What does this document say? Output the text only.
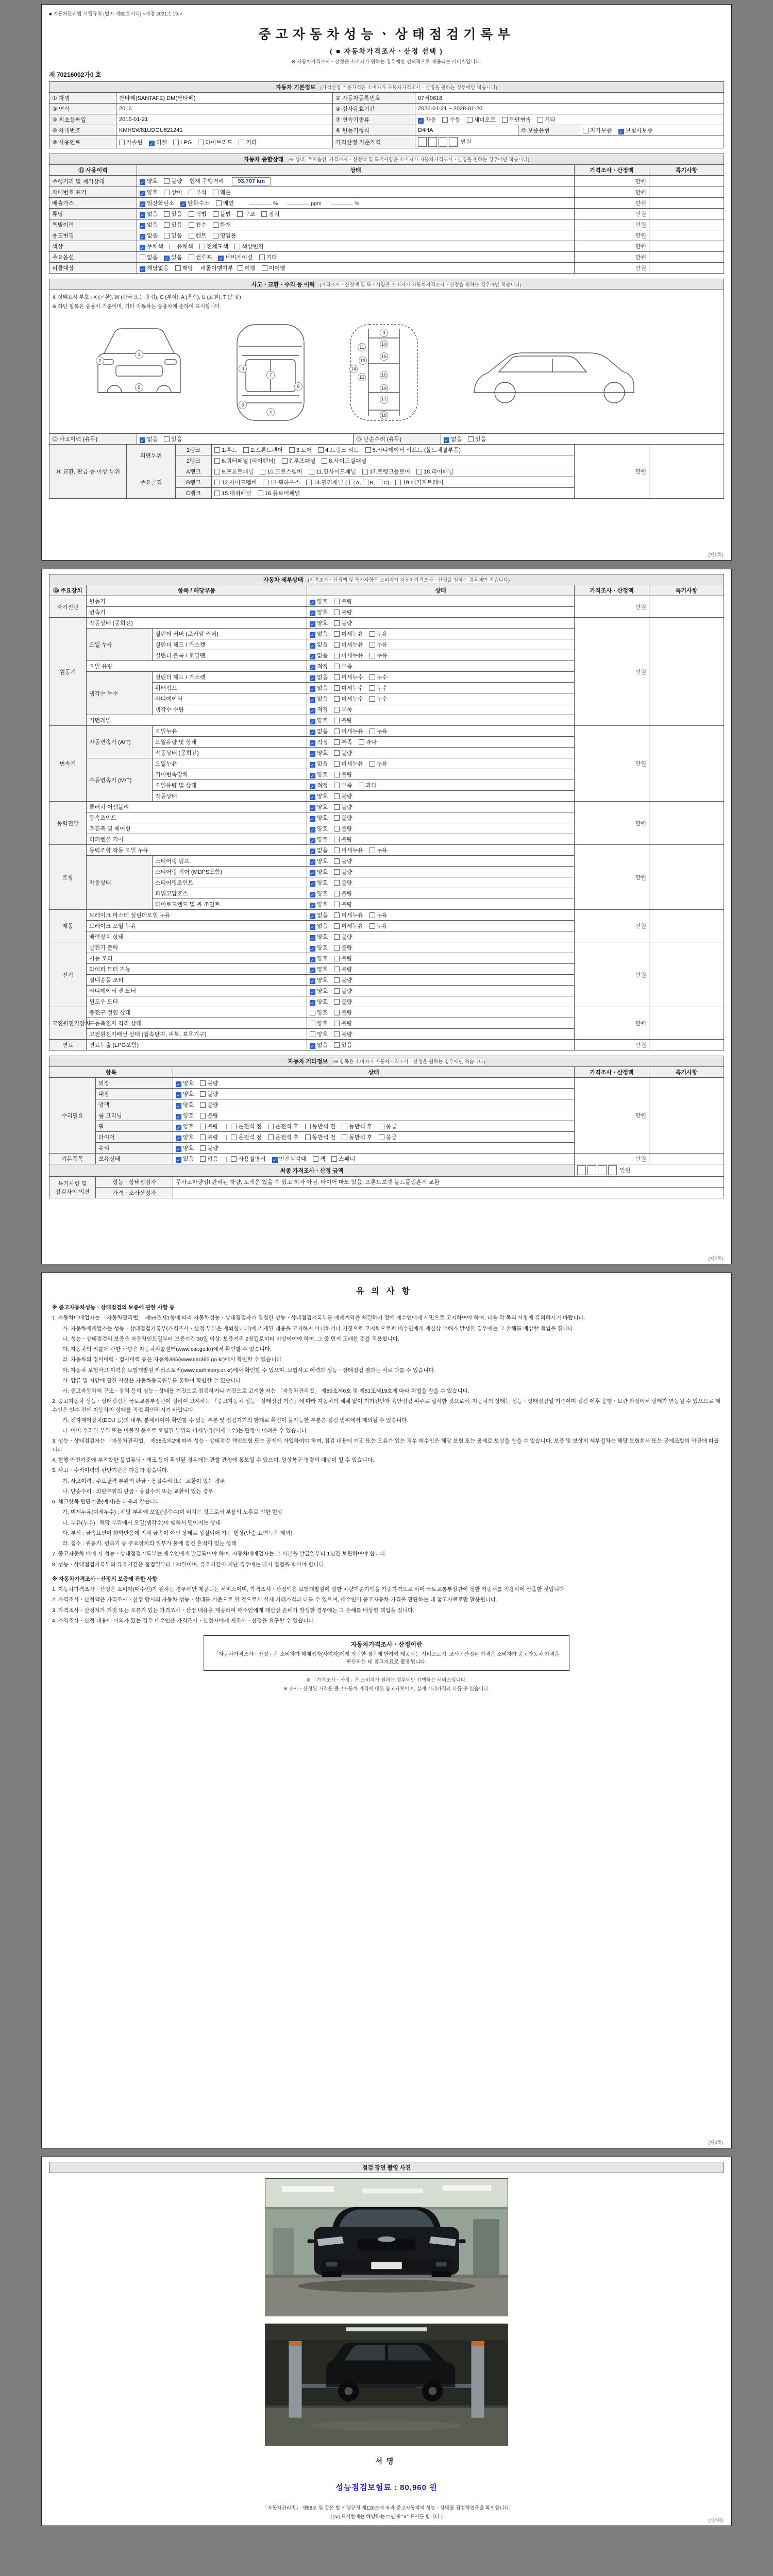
■ 자동차관리법 시행규칙 [별지 제82호서식] <개정 2021.1.19.>
중고자동차성능ㆍ상태점검기록부
( ■ 자동차가격조사ㆍ산정 선택 )
※ 자동차가격조사ㆍ산정은 소비자가 원하는 경우에만 선택적으로 제공되는 서비스입니다.
제 70216002가0 호
자동차 기본정보 (가격산정 기준가격은 소비자가 자동차가격조사ㆍ산정을 원하는 경우에만 적습니다)					
① 차명	싼타페(SANTAFE) DM(싼타페)	② 자동차등록번호	07저0618		
③ 연식	2016	④ 검사유효기간	2026-01-21 ~ 2028-01-20		
⑤ 최초등록일	2016-01-21	⑦ 변속기종류	✓ 자동 수동 세미오토 무단변속 기타		
⑥ 차대번호	KMHSW81UDGU621241	⑨ 원동기형식	D4HA	⑩ 보증유형	자가보증 ✓ 보험사보증
⑧ 사용연료	가솔린 ✓ 디젤 LPG 하이브리드 기타	가격산정 기준가격	만원		
자동차 종합상태 (※ 상태, 주요옵션, 가격조사ㆍ산정액 및 특기사항은 소비자가 자동차가격조사ㆍ산정을 원하는 경우에만 적습니다)			
⑪ 사용이력	상태	가격조사ㆍ산정액	특기사항
주행거리 및 계기상태	✓ 양호 불량 현재 주행거리 93,707 km	만원	
차대번호 표기	✓ 양호 상이 부식 훼손	만원	
배출가스	✓ 일산화탄소 ✓ 탄화수소 매연 % ppm %	만원	
튜닝	✓ 없음 있음 적법 불법 구조 장치	만원	
특별이력	✓ 없음 있음 침수 화재	만원	
용도변경	✓ 없음 있음 렌트 영업용	만원	
색상	✓ 무채색 유채색 전체도색 색상변경	만원	
주요옵션	없음 ✓ 있음 썬루프 ✓ 네비게이션 기타	만원	
리콜대상	✓ 해당없음 해당 리콜이행여부 이행 미이행	만원	
사고ㆍ교환ㆍ수리 등 이력 (가격조사ㆍ산정액 및 특기사항은 소비자가 자동차가격조사ㆍ산정을 원하는 경우에만 적습니다)

※ 상태표시 부호 : X (교환), W (판금 또는 용접), C (부식), A (흠집), U (요철), T (손상)
※ 하단 항목은 승용차 기준이며, 기타 자동차는 승용차에 준하여 표시합니다.
1
2
3
4
5
6
7
8
9
10
11
12
13
14
15
16
17
18
19

⑫ 사고이력 (유무)	✓ 없음 있음	⑬ 단순수리 (유무)	✓ 없음 있음
⑭ 교환, 판금 등 이상 부위	외판부위	1랭크	1.후드 2.프론트펜더 3.도어 4.트렁크 리드 5.라디에이터 서포트 (볼트체결부품)	만원	
		2랭크	6.쿼터패널 (리어펜더) 7.루프패널 8.사이드실패널		
	주요골격	A랭크	9.프론트패널 10.크로스멤버 11.인사이드패널 17.트렁크플로어 18.리어패널		
		B랭크	12.사이드멤버 13.휠하우스 14.필러패널 ( A, B, C) 19.패키지트레이		
		C랭크	15.대쉬패널 16.플로어패널		
(제1쪽)
자동차 세부상태 (가격조사ㆍ산정액 및 특기사항은 소비자가 자동차가격조사ㆍ산정을 원하는 경우에만 적습니다)					
⑮ 주요장치	항목 / 해당부품		상태	가격조사ㆍ산정액	특기사항
자기진단	원동기		✓ 양호 불량	만원	
	변속기		✓ 양호 불량		
원동기	작동상태 (공회전)		✓ 양호 불량	만원	
	오일 누유	실린더 커버 (로커암 커버)	✓ 없음 미세누유 누유		
		실린더 헤드 / 가스켓	✓ 없음 미세누유 누유		
		실린더 블록 / 오일팬	✓ 없음 미세누유 누유		
	오일 유량		✓ 적정 부족		
	냉각수 누수	실린더 헤드 / 가스켓	✓ 없음 미세누수 누수		
		워터펌프	✓ 없음 미세누수 누수		
		라디에이터	✓ 없음 미세누수 누수		
		냉각수 수량	✓ 적정 부족		
	커먼레일		✓ 양호 불량		
변속기	자동변속기 (A/T)	오일누유	✓ 없음 미세누유 누유	만원	
		오일유량 및 상태	✓ 적정 부족 과다		
		작동상태 (공회전)	✓ 양호 불량		
	수동변속기 (M/T)	오일누유	✓ 없음 미세누유 누유		
		기어변속장치	✓ 양호 불량		
		오일유량 및 상태	✓ 적정 부족 과다		
		작동상태	✓ 양호 불량		
동력전달	클러치 어셈블리		✓ 양호 불량	만원	
	등속조인트		✓ 양호 불량		
	추진축 및 베어링		✓ 양호 불량		
	디퍼렌셜 기어		✓ 양호 불량		
조향	동력조향 작동 오일 누유		✓ 없음 미세누유 누유	만원	
	작동상태	스티어링 펌프	✓ 양호 불량		
		스티어링 기어 (MDPS포함)	✓ 양호 불량		
		스티어링조인트	✓ 양호 불량		
		파워고압호스	✓ 양호 불량		
		타이로드엔드 및 볼 조인트	✓ 양호 불량		
제동	브레이크 마스터 실린더오일 누유		✓ 없음 미세누유 누유	만원	
	브레이크 오일 누유		✓ 없음 미세누유 누유		
	배력장치 상태		✓ 양호 불량		
전기	발전기 출력		✓ 양호 불량	만원	
	시동 모터		✓ 양호 불량		
	와이퍼 모터 기능		✓ 양호 불량		
	실내송풍 모터		✓ 양호 불량		
	라디에이터 팬 모터		✓ 양호 불량		
	윈도우 모터		✓ 양호 불량		
고전원전기장치	충전구 절연 상태		양호 불량	만원	
	구동축전지 격리 상태		양호 불량		
	고전원전기배선 상태 (접속단자, 피복, 보호기구)		양호 불량		
연료	연료누출 (LPG포함)		✓ 없음 있음	만원	
자동차 기타정보 (※ 항목은 소비자가 자동차가격조사ㆍ산정을 원하는 경우에만 적습니다)				
항목		상태	가격조사ㆍ산정액	특기사항
수리필요	외장	✓ 양호 불량	만원	
	내장	✓ 양호 불량		
	광택	✓ 양호 불량		
	룸 크리닝	✓ 양호 불량		
	휠	✓ 양호 불량 | 운전석 전 운전석 후 동반석 전 동반석 후 응급		
	타이어	✓ 양호 불량 | 운전석 전 운전석 후 동반석 전 동반석 후 응급		
	유리	✓ 양호 불량		
기본품목	보유상태	✓ 있음 없음 | 사용설명서 ✓ 안전삼각대 잭 스패너	만원	
최종 가격조사ㆍ산정 금액			만원	
특기사항 및 점검자의 의견	성능ㆍ상태점검자	무사고차량임! 관리된 차량, 도색은 있을 수 있고 하자 아님, 타이어 마모 있음, 프론트보넷 볼트풀림흔적 교환		
	가격ㆍ조사산정자			
(제2쪽)
유의사항
※ 중고자동차성능ㆍ상태점검의 보증에 관한 사항 등
1. 자동차매매업자는 「자동차관리법」 제58조제1항에 따라 자동차성능ㆍ상태점검자가 점검한 성능ㆍ상태점검기록부를 매매계약을 체결하기 전에 매수인에게 서면으로 고지하여야 하며, 다음 각 목의 사항에 유의하시기 바랍니다.
가. 자동차매매업자는 성능ㆍ상태점검기록부(가격조사ㆍ산정 부분은 제외합니다)에 기재된 내용을 고지하지 아니하거나 거짓으로 고지함으로써 매수인에게 재산상 손해가 발생한 경우에는 그 손해를 배상할 책임을 집니다.
나. 성능ㆍ상태점검의 보증은 자동차인도일부터 보증기간 30일 이상, 보증거리 2천킬로미터 이상이어야 하며, 그 중 먼저 도래한 것을 적용합니다.
다. 자동차의 리콜에 관한 사항은 자동차리콜센터(www.car.go.kr)에서 확인할 수 있습니다.
라. 자동차의 정비이력ㆍ검사이력 등은 자동차365(www.car365.go.kr)에서 확인할 수 있습니다.
마. 자동차 보험사고 이력은 보험개발원 카히스토리(www.carhistory.or.kr)에서 확인할 수 있으며, 보험사고 이력과 성능ㆍ상태점검 결과는 서로 다를 수 있습니다.
바. 압류 및 저당에 관한 사항은 자동차등록원부를 통하여 확인할 수 있습니다.
사. 중고자동차의 구조ㆍ장치 등의 성능ㆍ상태를 거짓으로 점검하거나 거짓으로 고지한 자는 「자동차관리법」 제80조제6호 및 제81조제19호에 따라 처벌을 받을 수 있습니다.
2. 중고자동차 성능ㆍ상태점검은 국토교통부장관이 정하여 고시하는 「중고자동차 성능ㆍ상태점검 기준」에 따라 자동차의 해체 없이 기기진단과 육안점검 위주로 실시한 것으로서, 자동차의 상태는 성능ㆍ상태점검일 기준이며 점검 이후 운행ㆍ보관 과정에서 상태가 변동될 수 있으므로 매수인은 인수 전에 자동차의 상태를 직접 확인하시기 바랍니다.
가. 전자제어장치(ECU 등)의 내부, 분해하여야 확인할 수 있는 부분 및 점검기기의 한계로 확인이 불가능한 부분은 점검 범위에서 제외될 수 있습니다.
나. 이미 수리된 부위 또는 이물질 등으로 오염된 부위의 미세누유(미세누수)는 판정이 어려울 수 있습니다.
3. 성능ㆍ상태점검자는 「자동차관리법」 제58조의2에 따라 성능ㆍ상태점검 책임보험 또는 공제에 가입하여야 하며, 점검 내용에 거짓 또는 오류가 있는 경우 매수인은 해당 보험 또는 공제로 보상을 받을 수 있습니다. 보증 및 보상의 세부절차는 해당 보험회사 또는 공제조합의 약관에 따릅니다.
4. 현행 안전기준에 부적합한 불법튜닝ㆍ개조 등이 확인된 경우에는 관할 관청에 통보될 수 있으며, 원상복구 명령의 대상이 될 수 있습니다.
5. 사고ㆍ수리이력의 판단기준은 다음과 같습니다.
가. 사고이력 : 주요골격 부위의 판금ㆍ용접수리 또는 교환이 있는 경우
나. 단순수리 : 외판부위의 판금ㆍ용접수리 또는 교환이 있는 경우
6. 체크항목 판단기준(예시)은 다음과 같습니다.
가. 미세누유(미세누수) : 해당 부위에 오일(냉각수)이 비치는 정도로서 부품의 노후로 인한 현상
나. 누유(누수) : 해당 부위에서 오일(냉각수)이 맺혀서 떨어지는 상태
다. 부식 : 금속표면이 화학반응에 의해 금속이 아닌 상태로 상실되어 가는 현상(단순 표면녹은 제외)
라. 침수 : 원동기, 변속기 등 주요장치의 일부가 물에 잠긴 흔적이 있는 상태
7. 중고자동차 매매 시 성능ㆍ상태점검기록부는 매수인에게 발급되어야 하며, 자동차매매업자는 그 사본을 발급일부터 1년간 보관하여야 합니다.
8. 성능ㆍ상태점검기록부의 유효기간은 점검일부터 120일이며, 유효기간이 지난 경우에는 다시 점검을 받아야 합니다.
※ 자동차가격조사ㆍ산정의 보증에 관한 사항
1. 자동차가격조사ㆍ산정은 소비자(매수인)가 원하는 경우에만 제공되는 서비스이며, 가격조사ㆍ산정액은 보험개발원이 정한 차량기준가액을 기준가격으로 하여 국토교통부장관이 정한 기준서를 적용하여 산출한 것입니다.
2. 가격조사ㆍ산정액은 가격조사ㆍ산정 당시의 자동차 성능ㆍ상태를 기준으로 한 것으로서 실제 거래가격과 다를 수 있으며, 매수인이 중고자동차 가격을 판단하는 데 참고자료로만 활용됩니다.
3. 가격조사ㆍ산정자가 거짓 또는 오류가 있는 가격조사ㆍ산정 내용을 제공하여 매수인에게 재산상 손해가 발생한 경우에는 그 손해를 배상할 책임을 집니다.
4. 가격조사ㆍ산정 내용에 이의가 있는 경우 매수인은 가격조사ㆍ산정자에게 재조사ㆍ산정을 요구할 수 있습니다.
자동차가격조사ㆍ산정이란
「자동차가격조사ㆍ산정」은 소비자가 매매업자(사업자)에게 의뢰한 경우에 한하여 제공되는 서비스로서, 조사ㆍ산정된 가격은 소비자가 중고자동차 가격을 판단하는 데 참고자료로 활용됩니다.
※ 「가격조사ㆍ산정」은 소비자가 원하는 경우에만 선택하는 서비스입니다.
※ 조사ㆍ산정된 가격은 중고자동차 가격에 대한 참고자료이며, 실제 거래가격과 다를 수 있습니다.
(제3쪽)
점검 장면 촬영 사진
서명
성능점검보험료 : 80,960 원
「자동차관리법」 제58조 및 같은 법 시행규칙 제120조에 따라 중고자동차의 성능ㆍ상태를 점검하였음을 확인합니다.
( [∨] 표시란에는 해당하는 □ 안에 "∨" 표시를 합니다 )
(제4쪽)
